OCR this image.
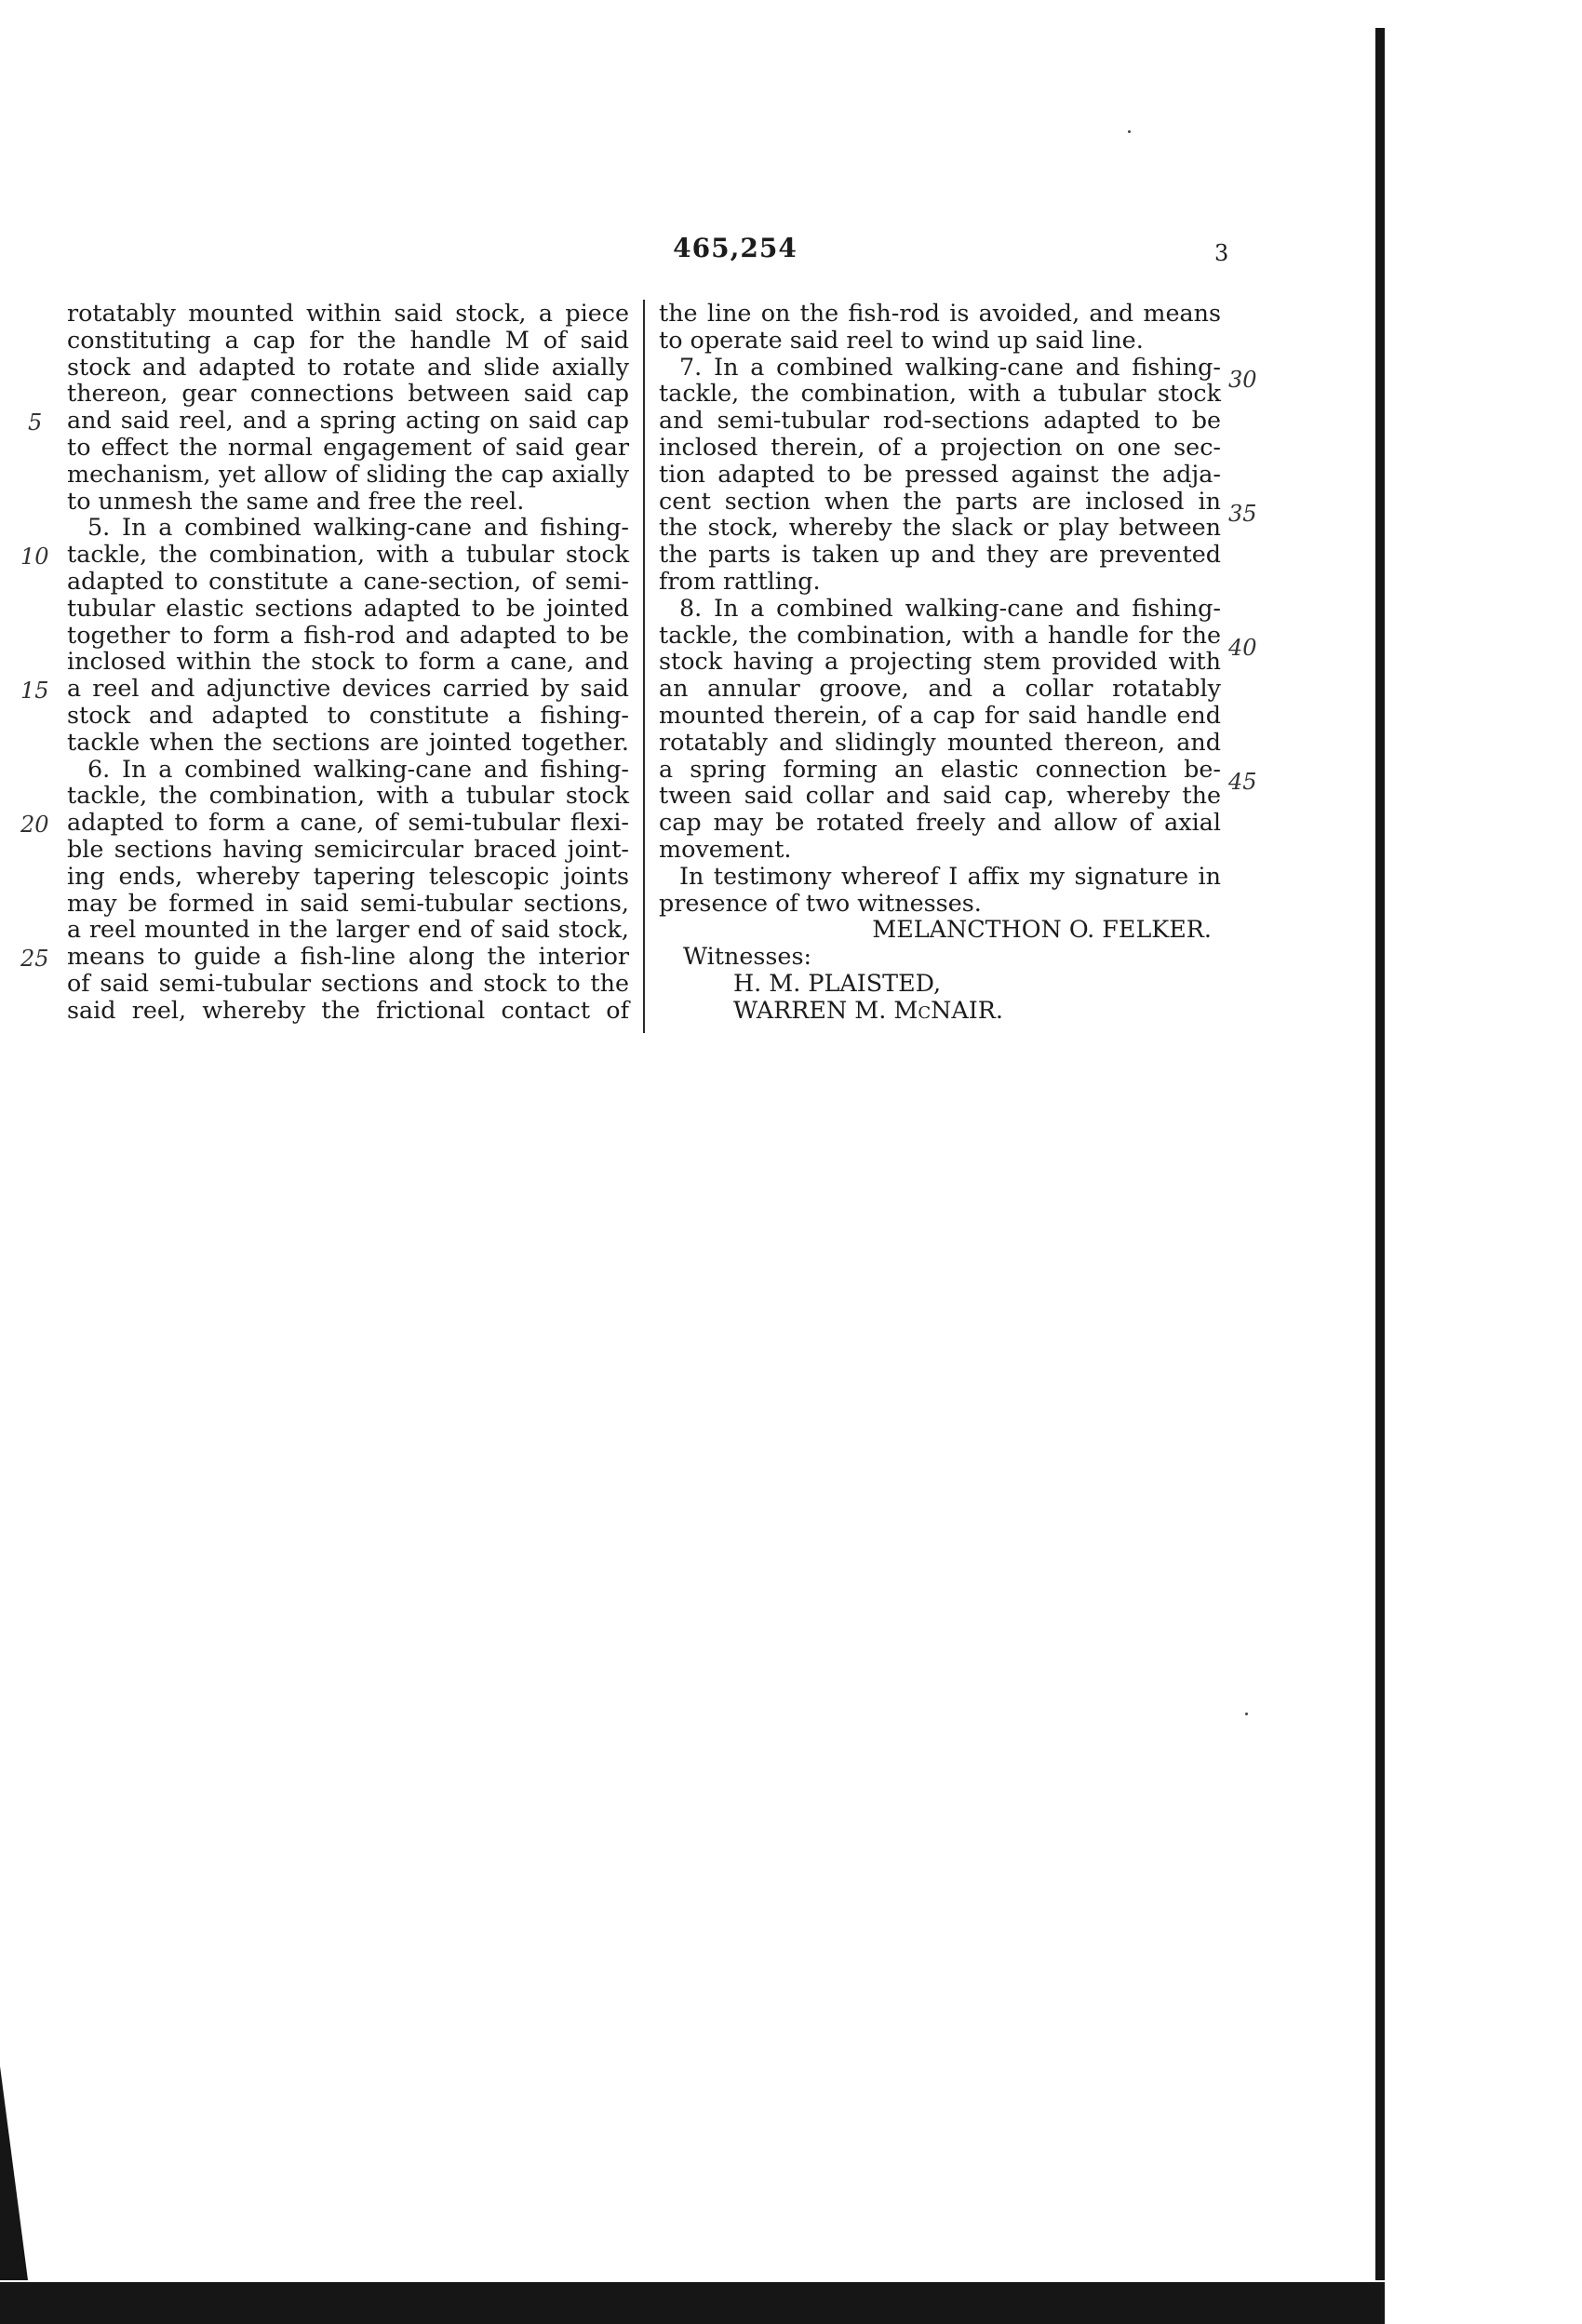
465,254	3
5
10
15
20
25
30
35
40
45
rotatably mounted within said stock, a piece
constituting a cap for the handle M of said
stock and adapted to rotate and slide axially
thereon, gear connections between said cap
and said reel, and a spring acting on said cap
to effect the normal engagement of said gear
mechanism, yet allow of sliding the cap axially
to unmesh the same and free the reel.
5. In a combined walking-cane and fishing-
tackle, the combination, with a tubular stock
adapted to constitute a cane-section, of semi-
tubular elastic sections adapted to be jointed
together to form a fish-rod and adapted to be
inclosed within the stock to form a cane, and
a reel and adjunctive devices carried by said
stock and adapted to constitute a fishing-
tackle when the sections are jointed together.
6. In a combined walking-cane and fishing-
tackle, the combination, with a tubular stock
adapted to form a cane, of semi-tubular flexi-
ble sections having semicircular braced joint-
ing ends, whereby tapering telescopic joints
may be formed in said semi-tubular sections,
a reel mounted in the larger end of said stock,
means to guide a fish-line along the interior
of said semi-tubular sections and stock to the
said reel, whereby the frictional contact of
the line on the fish-rod is avoided, and means
to operate said reel to wind up said line.
7. In a combined walking-cane and fishing-
tackle, the combination, with a tubular stock
and semi-tubular rod-sections adapted to be
inclosed therein, of a projection on one sec-
tion adapted to be pressed against the adja-
cent section when the parts are inclosed in
the stock, whereby the slack or play between
the parts is taken up and they are prevented
from rattling.
8. In a combined walking-cane and fishing-
tackle, the combination, with a handle for the
stock having a projecting stem provided with
an annular groove, and a collar rotatably
mounted therein, of a cap for said handle end
rotatably and slidingly mounted thereon, and
a spring forming an elastic connection be-
tween said collar and said cap, whereby the
cap may be rotated freely and allow of axial
movement.
In testimony whereof I affix my signature in
presence of two witnesses.
MELANCTHON O. FELKER.
Witnesses:
H. M. PLAISTED,
WARREN M. McNAIR.
